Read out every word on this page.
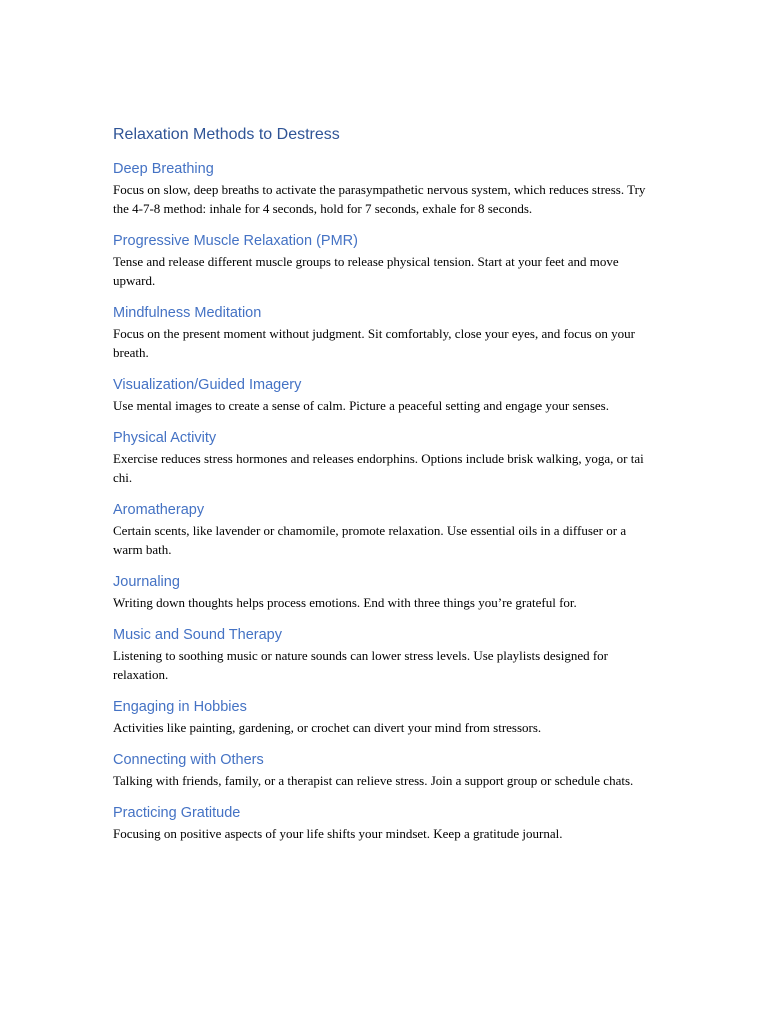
Relaxation Methods to Destress
Deep Breathing

Focus on slow, deep breaths to activate the parasympathetic nervous system, which reduces stress. Try the 4-7-8 method: inhale for 4 seconds, hold for 7 seconds, exhale for 8 seconds.

Progressive Muscle Relaxation (PMR)

Tense and release different muscle groups to release physical tension. Start at your feet and move upward.

Mindfulness Meditation

Focus on the present moment without judgment. Sit comfortably, close your eyes, and focus on your breath.

Visualization/Guided Imagery

Use mental images to create a sense of calm. Picture a peaceful setting and engage your senses.

Physical Activity

Exercise reduces stress hormones and releases endorphins. Options include brisk walking, yoga, or tai chi.

Aromatherapy

Certain scents, like lavender or chamomile, promote relaxation. Use essential oils in a diffuser or a warm bath.

Journaling

Writing down thoughts helps process emotions. End with three things you’re grateful for.

Music and Sound Therapy

Listening to soothing music or nature sounds can lower stress levels. Use playlists designed for relaxation.

Engaging in Hobbies

Activities like painting, gardening, or crochet can divert your mind from stressors.

Connecting with Others

Talking with friends, family, or a therapist can relieve stress. Join a support group or schedule chats.

Practicing Gratitude

Focusing on positive aspects of your life shifts your mindset. Keep a gratitude journal.
